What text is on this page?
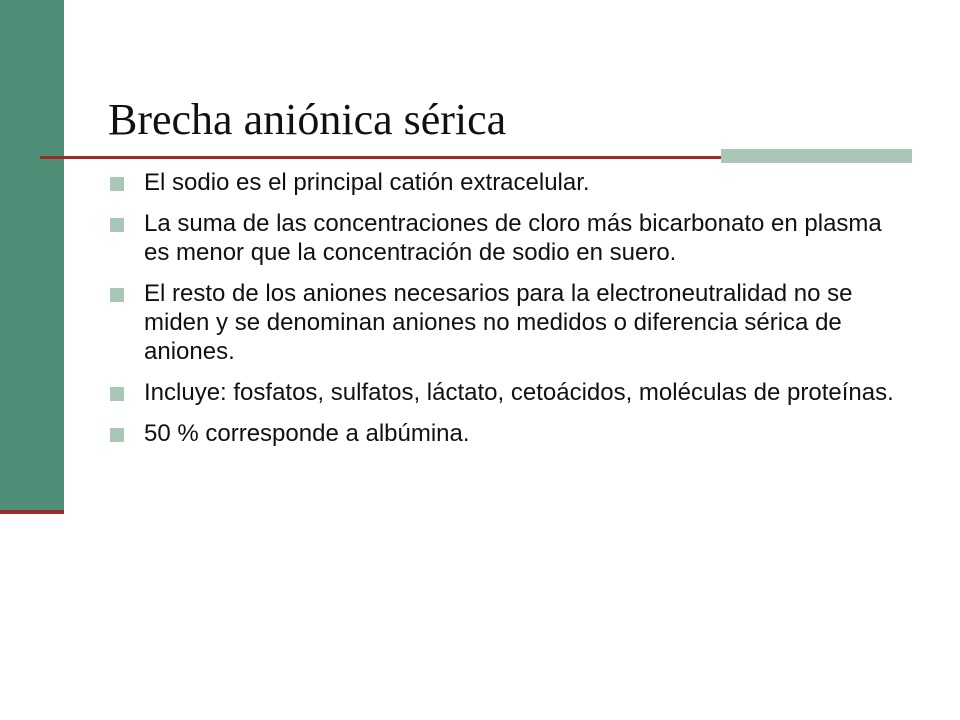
Brecha aniónica sérica
El sodio es el principal catión extracelular.
La suma de las concentraciones de cloro más bicarbonato en plasma es menor que la concentración de sodio en suero.
El resto de los aniones necesarios para la electroneutralidad no se miden y se denominan aniones no medidos o diferencia sérica de aniones.
Incluye: fosfatos, sulfatos, láctato, cetoácidos, moléculas de proteínas.
50 % corresponde a albúmina.
